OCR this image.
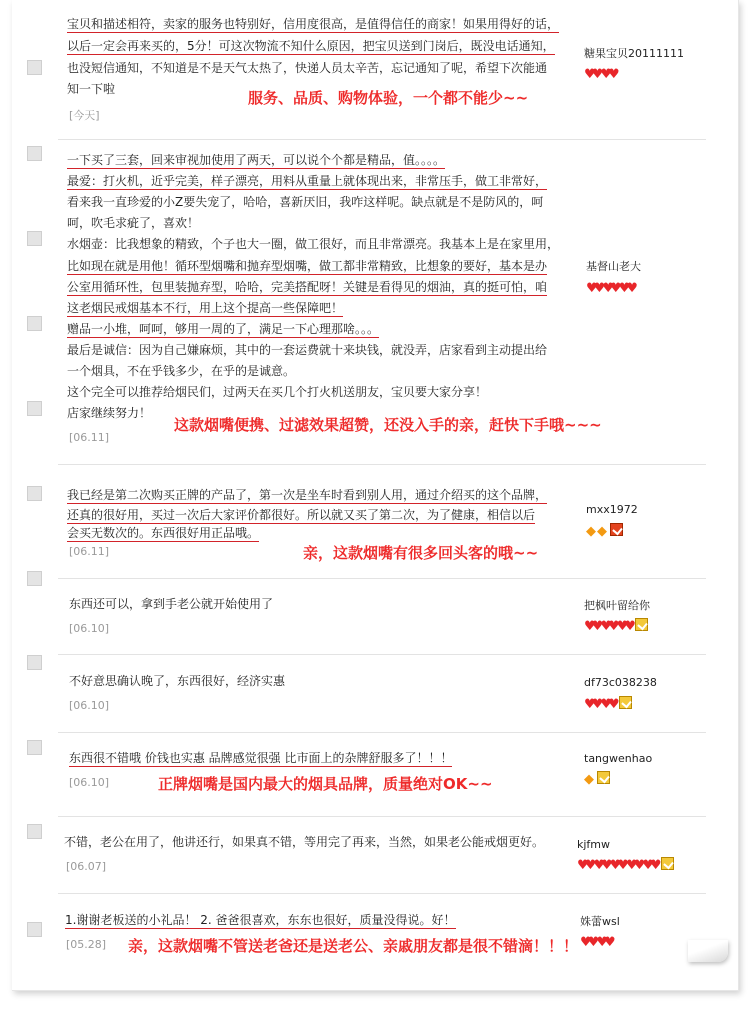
宝贝和描述相符，卖家的服务也特别好，信用度很高，是值得信任的商家！如果用得好的话，
以后一定会再来买的，5分！可这次物流不知什么原因，把宝贝送到门岗后，既没电话通知，
也没短信通知，不知道是不是天气太热了，快递人员太辛苦，忘记通知了呢，希望下次能通
知一下啦
[今天]
服务、品质、购物体验，一个都不能少~~
糖果宝贝20111111
♥♥♥♥
一下买了三套，回来审视加使用了两天，可以说个个都是精品，值。。。。
最爱：打火机，近乎完美，样子漂亮，用料从重量上就体现出来，非常压手，做工非常好，
看来我一直珍爱的小Z要失宠了，哈哈，喜新厌旧，我咋这样呢。缺点就是不是防风的，呵
呵，吹毛求疵了，喜欢！
水烟壶：比我想象的精致，个子也大一圈，做工很好，而且非常漂亮。我基本上是在家里用，
比如现在就是用他！循环型烟嘴和抛弃型烟嘴，做工都非常精致，比想象的要好，基本是办
公室用循环性，包里装抛弃型，哈哈，完美搭配呀！关键是看得见的烟油，真的挺可怕，咱
这老烟民戒烟基本不行，用上这个提高一些保障吧！
赠品一小堆，呵呵，够用一周的了，满足一下心理那啥。。。
最后是诚信：因为自己嫌麻烦，其中的一套运费就十来块钱，就没弄，店家看到主动提出给
一个烟具，不在乎钱多少，在乎的是诚意。
这个完全可以推荐给烟民们，过两天在买几个打火机送朋友，宝贝要大家分享！
店家继续努力！
[06.11]
这款烟嘴便携、过滤效果超赞，还没入手的亲，赶快下手哦~~~
基督山老大
♥♥♥♥♥♥
我已经是第二次购买正牌的产品了，第一次是坐车时看到别人用，通过介绍买的这个品牌，
还真的很好用，买过一次后大家评价都很好。所以就又买了第二次，为了健康，相信以后
会买无数次的。东西很好用正品哦。
[06.11]	亲，这款烟嘴有很多回头客的哦~~
mxx1972
◆◆
东西还可以，拿到手老公就开始使用了
[06.10]
把枫叶留给你
♥♥♥♥♥♥
不好意思确认晚了，东西很好，经济实惠
[06.10]
df73c038238
♥♥♥♥
东西很不错哦 价钱也实惠 品牌感觉很强 比市面上的杂牌舒服多了！！！
[06.10]	正牌烟嘴是国内最大的烟具品牌，质量绝对OK~~
tangwenhao
◆
不错，老公在用了，他讲还行，如果真不错，等用完了再来，当然，如果老公能戒烟更好。
[06.07]
kjfmw
♥♥♥♥♥♥♥♥♥♥
1.谢谢老板送的小礼品！ 2. 爸爸很喜欢，东东也很好，质量没得说。好！
[05.28] 亲，这款烟嘴不管送老爸还是送老公、亲戚朋友都是很不错滴！！！
姝蕾wsl
♥♥♥♥
